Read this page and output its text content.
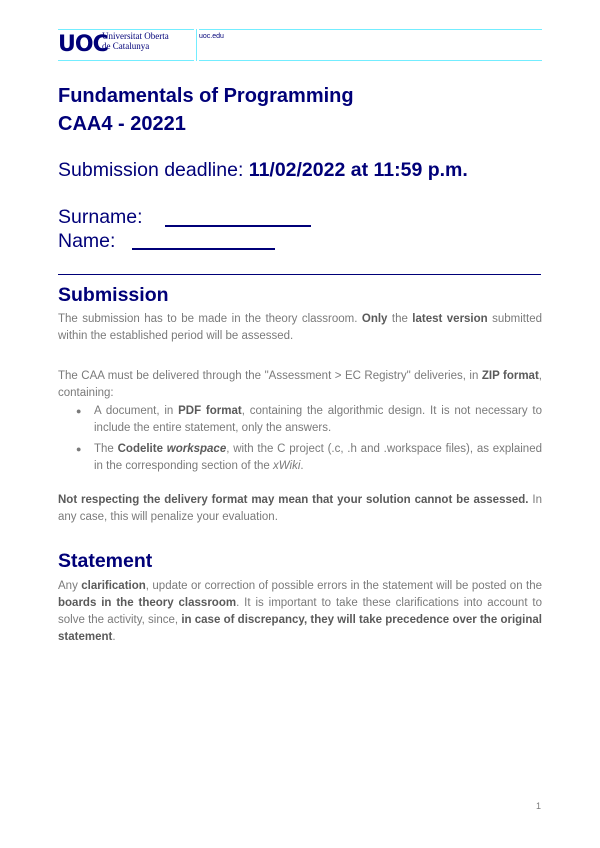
UOC
Universitat Oberta
de Catalunya
uoc.edu
Fundamentals of Programming
CAA4 - 20221
Submission deadline: 11/02/2022 at 11:59 p.m.
Surname:
Name:
Submission

The submission has to be made in the theory classroom. Only the latest version submitted within the established period will be assessed.

The CAA must be delivered through the "Assessment > EC Registry" deliveries, in ZIP format, containing:

● A document, in PDF format, containing the algorithmic design. It is not necessary to include the entire statement, only the answers.
● The Codelite workspace, with the C project (.c, .h and .workspace files), as explained in the corresponding section of the xWiki.

Not respecting the delivery format may mean that your solution cannot be assessed. In any case, this will penalize your evaluation.

Statement

Any clarification, update or correction of possible errors in the statement will be posted on the boards in the theory classroom. It is important to take these clarifications into account to solve the activity, since, in case of discrepancy, they will take precedence over the original statement.

1
